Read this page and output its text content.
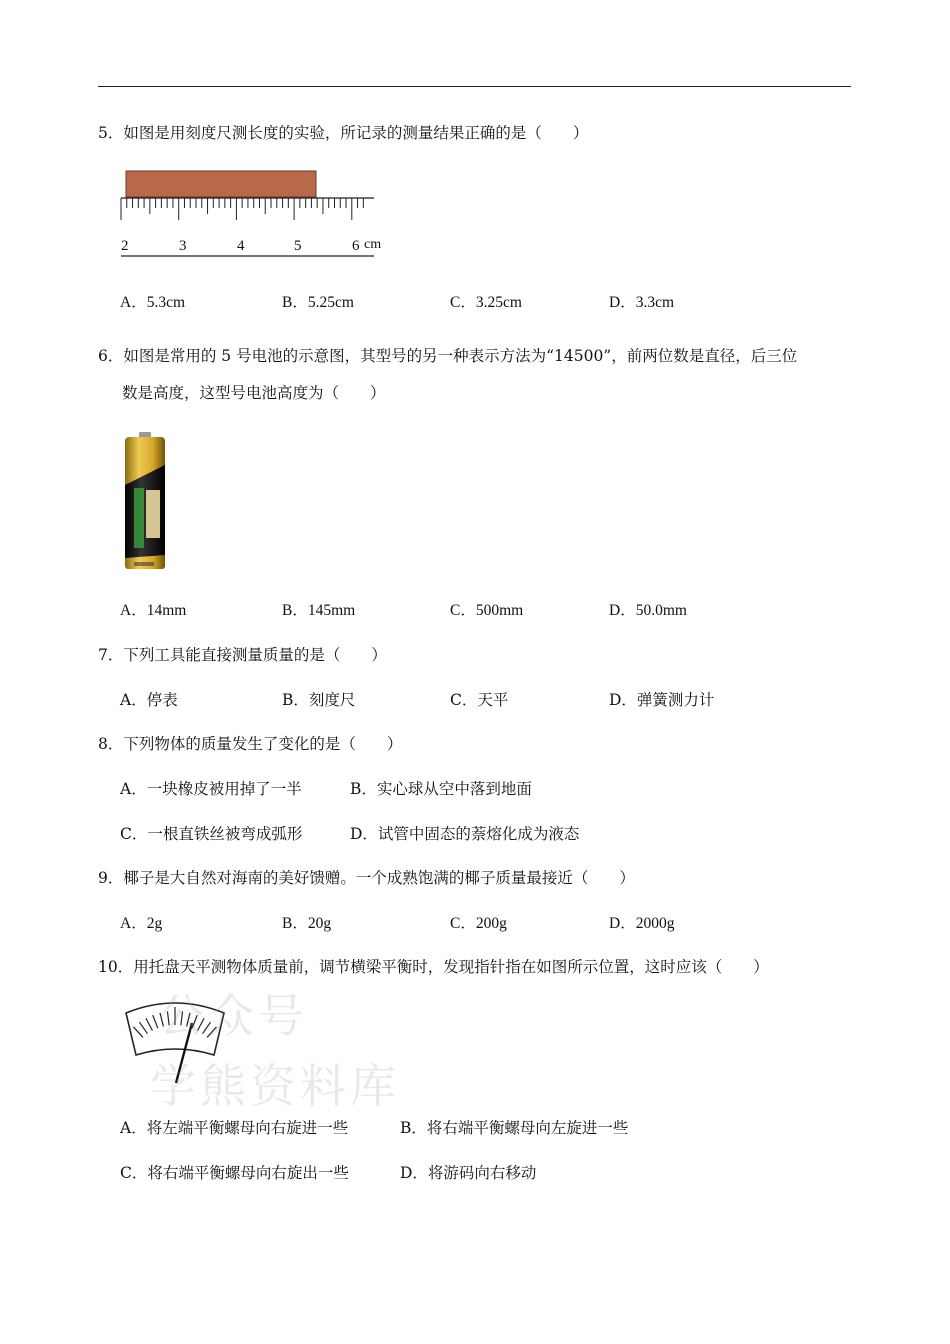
5．如图是用刻度尺测长度的实验，所记录的测量结果正确的是（　　）
2	3	4	5	6 cm
A．5.3cm	B．5.25cm	C．3.25cm	D．3.3cm
6．如图是常用的 5 号电池的示意图，其型号的另一种表示方法为“14500”，前两位数是直径，后三位
数是高度，这型号电池高度为（　　）
A．14mm	B．145mm	C．500mm	D．50.0mm
7．下列工具能直接测量质量的是（　　）
A．停表	B．刻度尺	C．天平	D．弹簧测力计
8．下列物体的质量发生了变化的是（　　）
A．一块橡皮被用掉了一半	B．实心球从空中落到地面
C．一根直铁丝被弯成弧形	D．试管中固态的萘熔化成为液态
9．椰子是大自然对海南的美好馈赠。一个成熟饱满的椰子质量最接近（　　）
A．2g	B．20g	C．200g	D．2000g
10．用托盘天平测物体质量前，调节横梁平衡时，发现指针指在如图所示位置，这时应该（　　）
公众号
学熊资料库
A．将左端平衡螺母向右旋进一些	B．将右端平衡螺母向左旋进一些
C．将右端平衡螺母向右旋出一些	D．将游码向右移动
